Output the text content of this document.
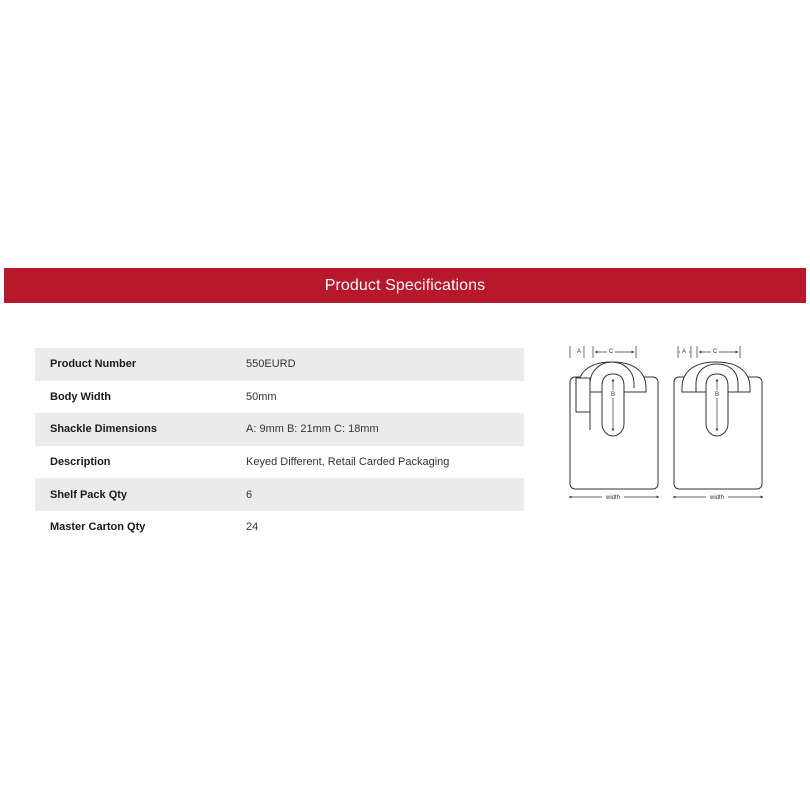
Product Specifications
Product Number	550EURD
Body Width	50mm
Shackle Dimensions	A: 9mm B: 21mm C: 18mm
Description	Keyed Different, Retail Carded Packaging
Shelf Pack Qty	6
Master Carton Qty	24
A	C
B
width
A	C
B
width
